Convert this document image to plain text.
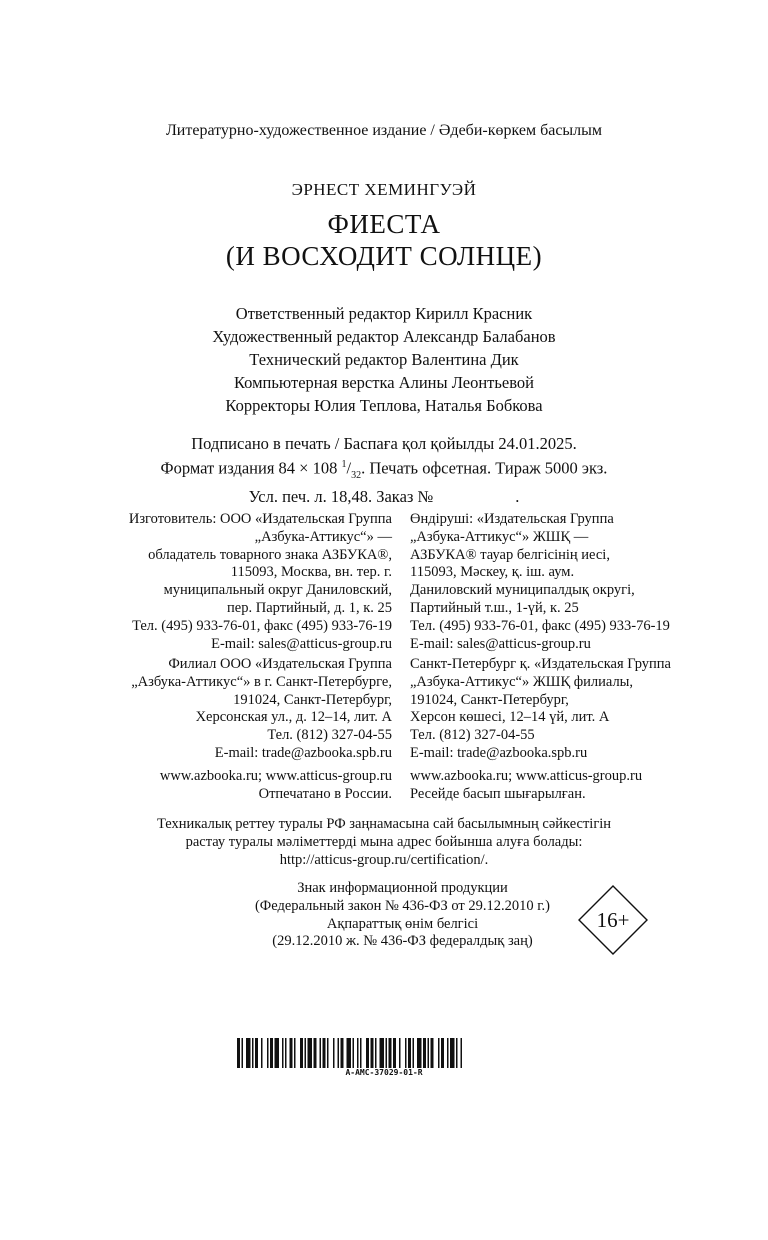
Литературно-художественное издание / Әдеби-көркем басылым
ЭРНЕСТ ХЕМИНГУЭЙ
ФИЕСТА
(И ВОСХОДИТ СОЛНЦЕ)
Ответственный редактор Кирилл Красник
Художественный редактор Александр Балабанов
Технический редактор Валентина Дик
Компьютерная верстка Алины Леонтьевой
Корректоры Юлия Теплова, Наталья Бобкова
Подписано в печать / Баспаға қол қойылды 24.01.2025.
Формат издания 84 × 108 $^1/_{32}$. Печать офсетная. Тираж 5000 экз.
Усл. печ. л. 18,48. Заказ №	.
Изготовитель: ООО «Издательская Группа
„Азбука-Аттикус“» —
обладатель товарного знака АЗБУКА®,
115093, Москва, вн. тер. г.
муниципальный округ Даниловский,
пер. Партийный, д. 1, к. 25
Тел. (495) 933-76-01, факс (495) 933-76-19
E-mail: sales@atticus-group.ru
Өндіруші: «Издательская Группа
„Азбука-Аттикус“» ЖШҚ —
АЗБУКА® тауар белгісінің иесі,
115093, Мәскеу, қ. іш. аум.
Даниловский муниципалдық округі,
Партийный т.ш., 1-үй, к. 25
Тел. (495) 933-76-01, факс (495) 933-76-19
E-mail: sales@atticus-group.ru
Филиал ООО «Издательская Группа
„Азбука-Аттикус“» в г. Санкт-Петербурге,
191024, Санкт-Петербург,
Херсонская ул., д. 12–14, лит. А
Тел. (812) 327-04-55
E-mail: trade@azbooka.spb.ru
Санкт-Петербург қ. «Издательская Группа
„Азбука-Аттикус“» ЖШҚ филиалы,
191024, Санкт-Петербург,
Херсон көшесі, 12–14 үй, лит. А
Тел. (812) 327-04-55
E-mail: trade@azbooka.spb.ru
www.azbooka.ru; www.atticus-group.ru
Отпечатано в России.
www.azbooka.ru; www.atticus-group.ru
Ресейде басып шығарылған.
Техникалық реттеу туралы РФ заңнамасына сай басылымның сәйкестігін
растау туралы мәліметтерді мына адрес бойынша алуға болады:
http://atticus-group.ru/certification/.
Знак информационной продукции
(Федеральный закон № 436-ФЗ от 29.12.2010 г.)
Ақпараттық өнім белгісі
(29.12.2010 ж. № 436-ФЗ федералдық заң)
16+
A-AMC-37029-01-R
